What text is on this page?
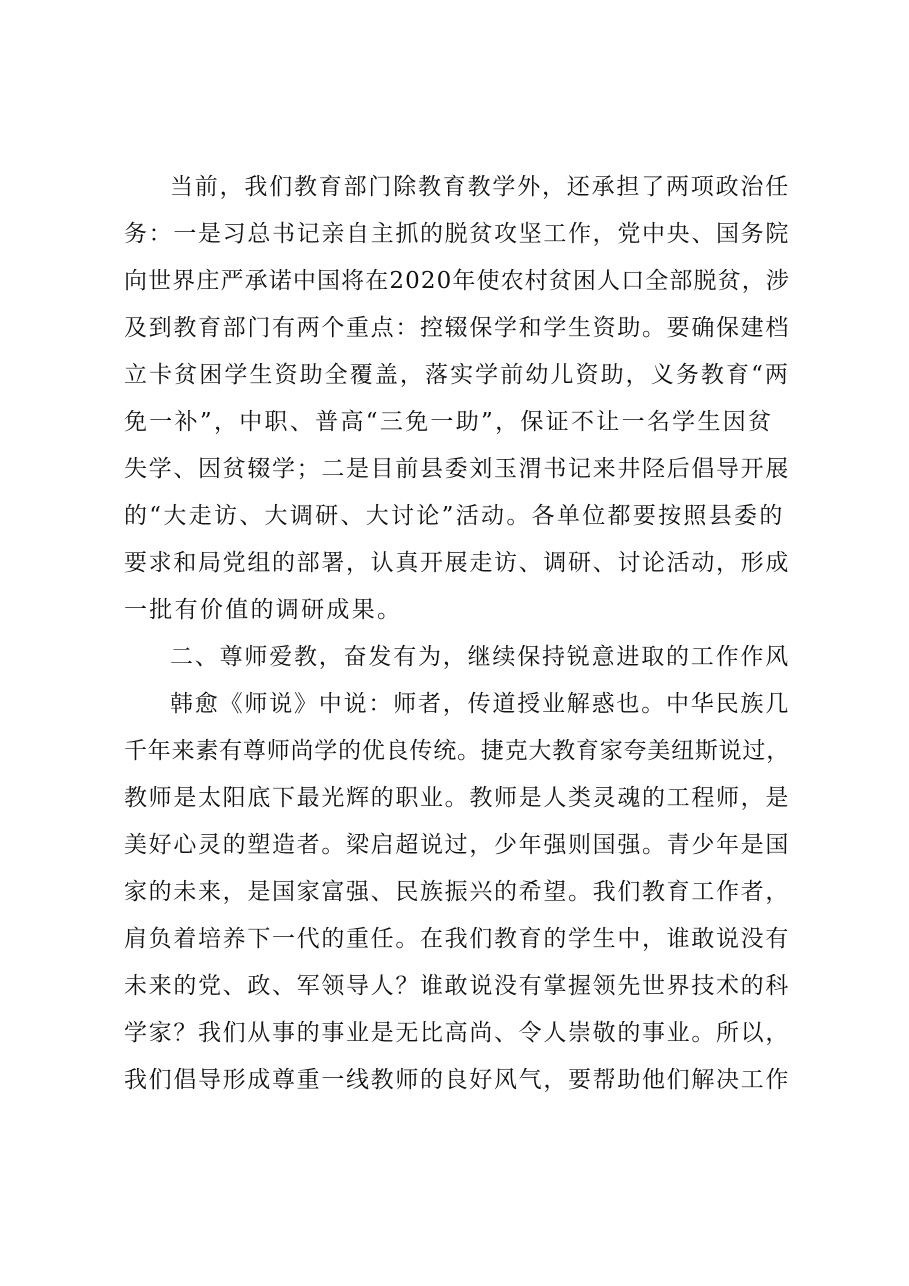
当前，我们教育部门除教育教学外，还承担了两项政治任
务：一是习总书记亲自主抓的脱贫攻坚工作，党中央、国务院
向世界庄严承诺中国将在2020年使农村贫困人口全部脱贫，涉
及到教育部门有两个重点：控辍保学和学生资助。要确保建档
立卡贫困学生资助全覆盖，落实学前幼儿资助，义务教育“两
免一补”，中职、普高“三免一助”，保证不让一名学生因贫
失学、因贫辍学；二是目前县委刘玉渭书记来井陉后倡导开展
的“大走访、大调研、大讨论”活动。各单位都要按照县委的
要求和局党组的部署，认真开展走访、调研、讨论活动，形成
一批有价值的调研成果。
二、尊师爱教，奋发有为，继续保持锐意进取的工作作风
韩愈《师说》中说：师者，传道授业解惑也。中华民族几
千年来素有尊师尚学的优良传统。捷克大教育家夸美纽斯说过，
教师是太阳底下最光辉的职业。教师是人类灵魂的工程师，是
美好心灵的塑造者。梁启超说过，少年强则国强。青少年是国
家的未来，是国家富强、民族振兴的希望。我们教育工作者，
肩负着培养下一代的重任。在我们教育的学生中，谁敢说没有
未来的党、政、军领导人？谁敢说没有掌握领先世界技术的科
学家？我们从事的事业是无比高尚、令人崇敬的事业。所以，
我们倡导形成尊重一线教师的良好风气，要帮助他们解决工作
